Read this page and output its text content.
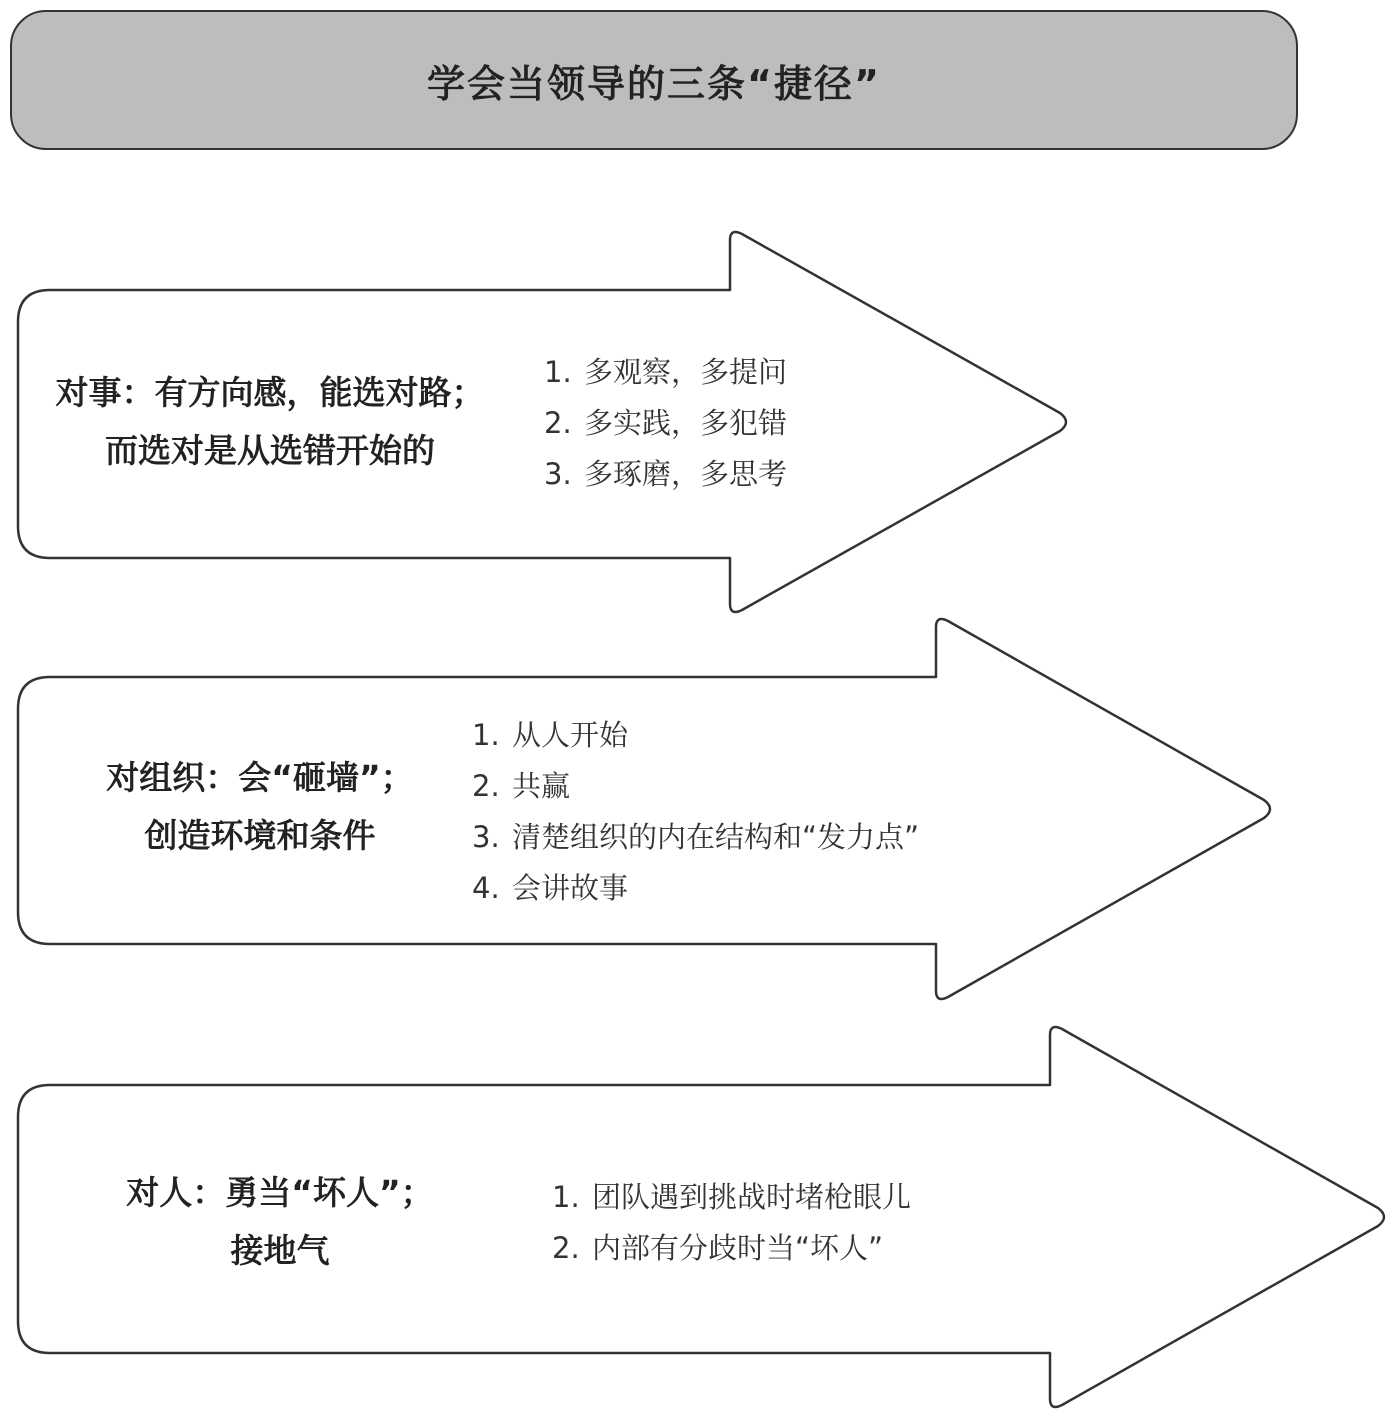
学会当领导的三条“捷径”
对事：有方向感，能选对路；
而选对是从选错开始的
1. 多观察，多提问
2. 多实践，多犯错
3. 多琢磨，多思考
对组织：会“砸墙”；
创造环境和条件
1. 从人开始
2. 共赢
3. 清楚组织的内在结构和“发力点”
4. 会讲故事
对人：勇当“坏人”；
接地气
1. 团队遇到挑战时堵枪眼儿
2. 内部有分歧时当“坏人”
